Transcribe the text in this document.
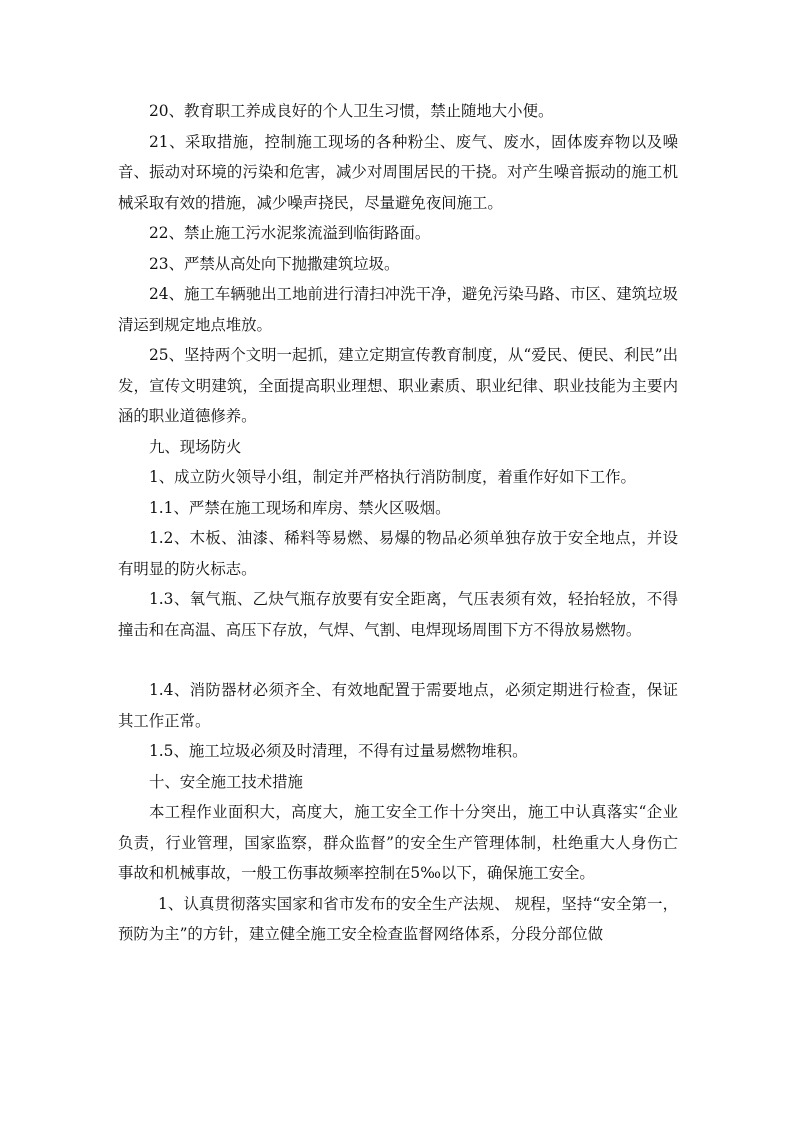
20、教育职工养成良好的个人卫生习惯，禁止随地大小便。

21、采取措施，控制施工现场的各种粉尘、废气、废水，固体废弃物以及噪音、振动对环境的污染和危害，减少对周围居民的干挠。对产生噪音振动的施工机械采取有效的措施，减少噪声挠民，尽量避免夜间施工。

22、禁止施工污水泥浆流溢到临街路面。

23、严禁从高处向下抛撒建筑垃圾。

24、施工车辆驰出工地前进行清扫冲洗干净，避免污染马路、市区、建筑垃圾清运到规定地点堆放。

25、坚持两个文明一起抓，建立定期宣传教育制度，从“爱民、便民、利民”出发，宣传文明建筑，全面提高职业理想、职业素质、职业纪律、职业技能为主要内涵的职业道德修养。

九、现场防火

1、成立防火领导小组，制定并严格执行消防制度，着重作好如下工作。

1.1、严禁在施工现场和库房、禁火区吸烟。

1.2、木板、油漆、稀料等易燃、易爆的物品必须单独存放于安全地点，并设有明显的防火标志。

1.3、氧气瓶、乙炔气瓶存放要有安全距离，气压表须有效，轻抬轻放，不得撞击和在高温、高压下存放，气焊、气割、电焊现场周围下方不得放易燃物。

1.4、消防器材必须齐全、有效地配置于需要地点，必须定期进行检查，保证其工作正常。

1.5、施工垃圾必须及时清理，不得有过量易燃物堆积。

十、安全施工技术措施

本工程作业面积大，高度大，施工安全工作十分突出，施工中认真落实“企业负责，行业管理，国家监察，群众监督”的安全生产管理体制，杜绝重大人身伤亡事故和机械事故，一般工伤事故频率控制在5‰以下，确保施工安全。

1、认真贯彻落实国家和省市发布的安全生产法规、 规程，坚持“安全第一，预防为主”的方针，建立健全施工安全检查监督网络体系，分段分部位做
